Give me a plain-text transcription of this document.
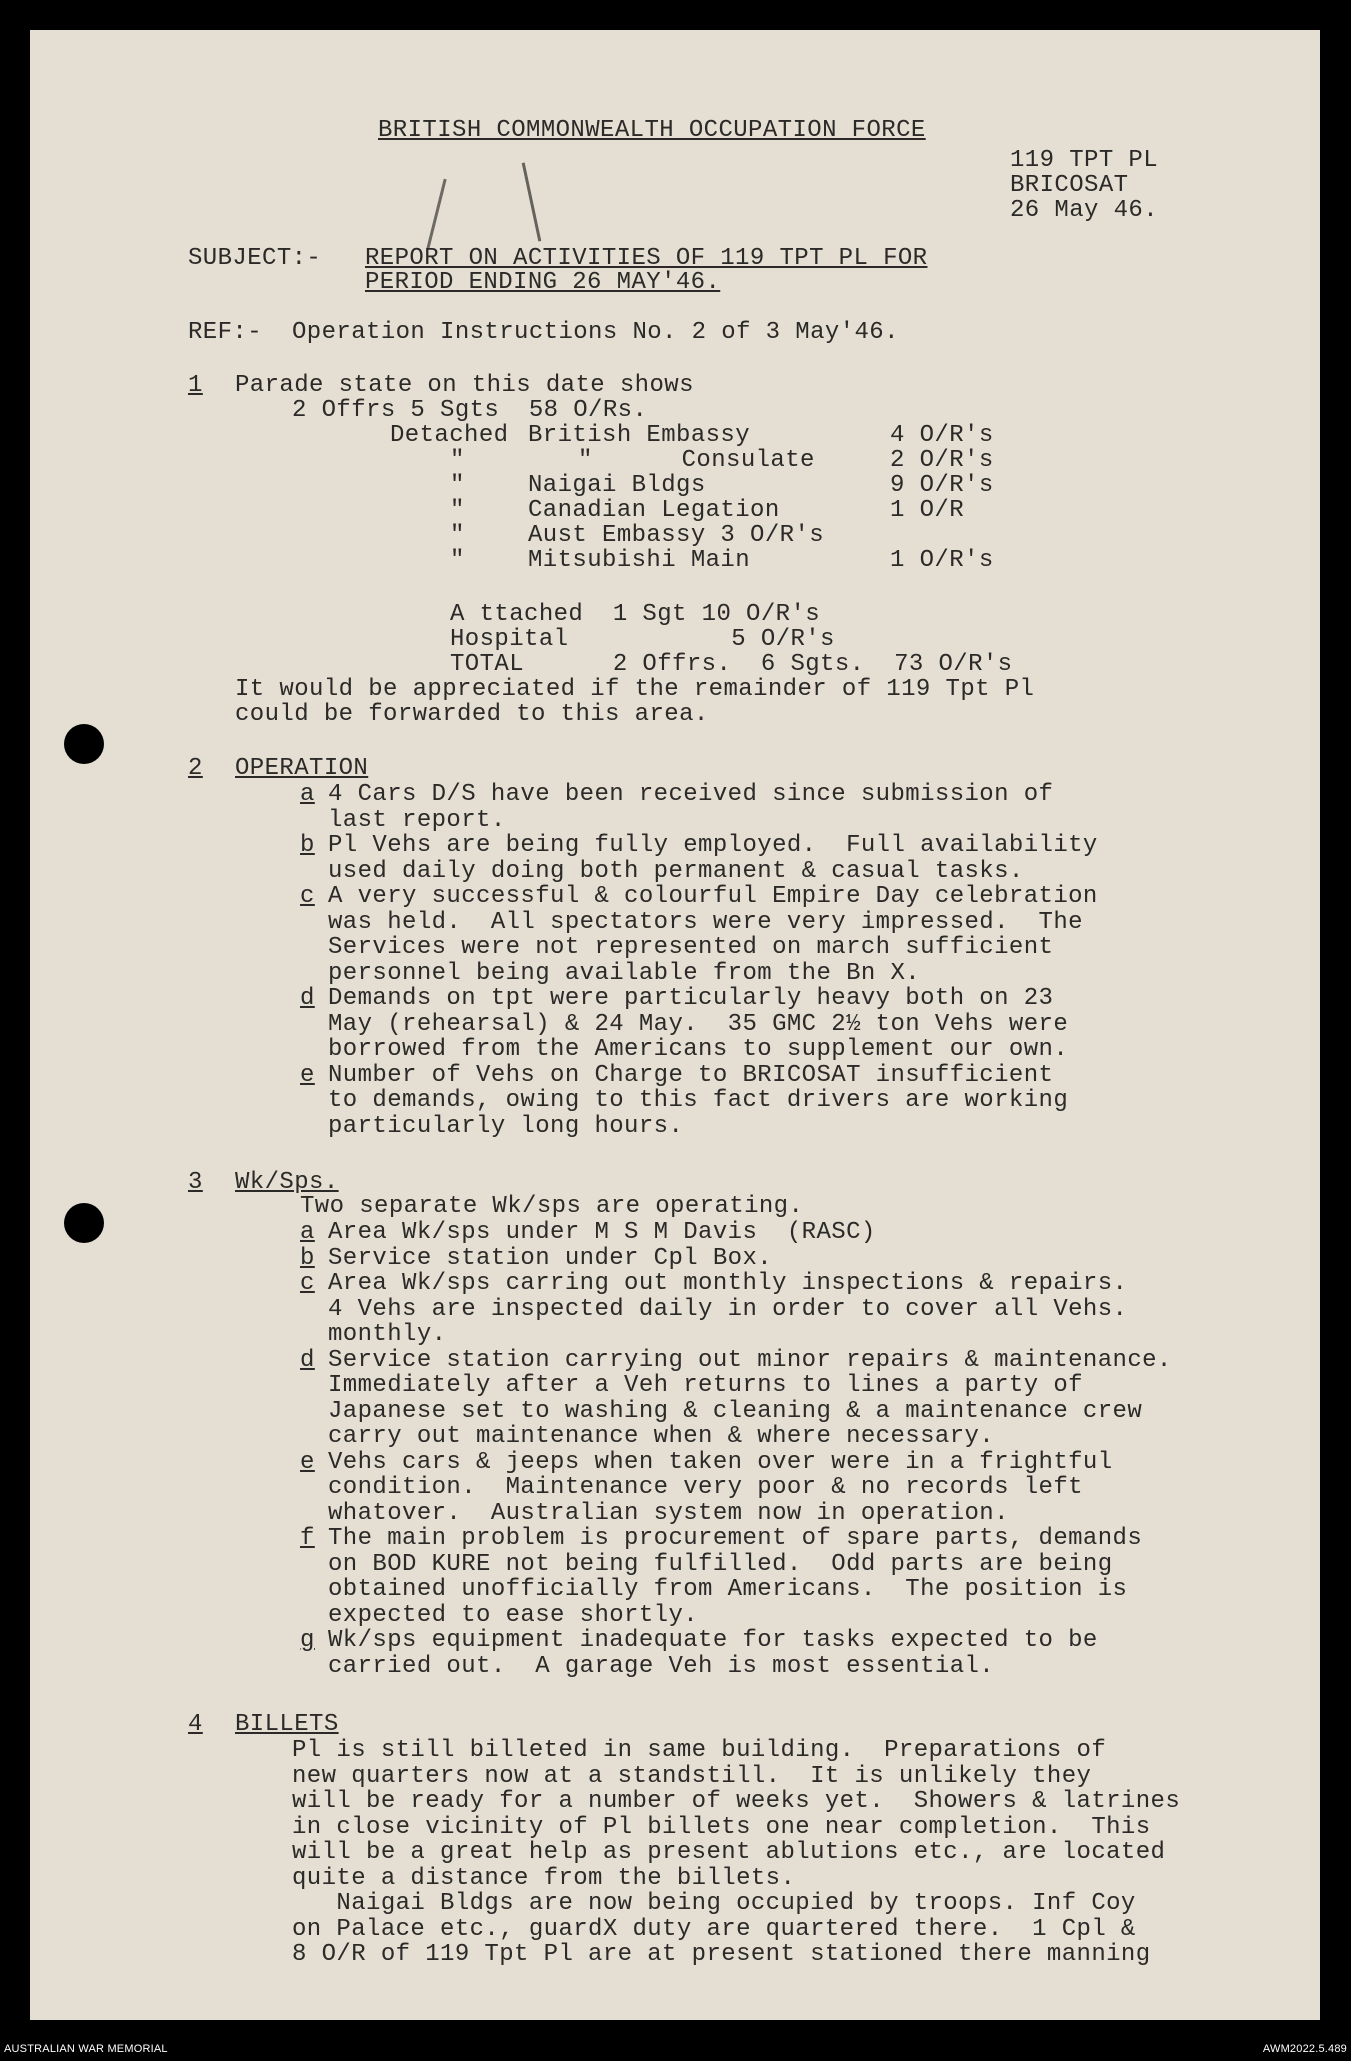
BRITISH COMMONWEALTH OCCUPATION FORCE
119 TPT PL
BRICOSAT
26 May 46.
SUBJECT:- REPORT ON ACTIVITIES OF 119 TPT PL FOR
PERIOD ENDING 26 MAY'46.
REF:- Operation Instructions No. 2 of 3 May'46.
1 Parade state on this date shows
2 Offrs 5 Sgts  58 O/Rs.
Detached British Embassy	4 O/R's
"	"      Consulate	2 O/R's
"	Naigai Bldgs	9 O/R's
"	Canadian Legation	1 O/R
"	Aust Embassy 3 O/R's
"	Mitsubishi Main	1 O/R's
A ttached  1 Sgt 10 O/R's
Hospital           5 O/R's
TOTAL      2 Offrs.  6 Sgts.  73 O/R's
It would be appreciated if the remainder of 119 Tpt Pl
could be forwarded to this area.
2 OPERATION
3 Wk/Sps.
Two separate Wk/sps are operating.
4 BILLETS
a 4 Cars D/S have been received since submission of
last report.
b Pl Vehs are being fully employed.  Full availability
used daily doing both permanent & casual tasks.
c A very successful & colourful Empire Day celebration
was held.  All spectators were very impressed.  The
Services were not represented on march sufficient
personnel being available from the Bn X.
d Demands on tpt were particularly heavy both on 23
May (rehearsal) & 24 May.  35 GMC 2½ ton Vehs were
borrowed from the Americans to supplement our own.
e Number of Vehs on Charge to BRICOSAT insufficient
to demands, owing to this fact drivers are working
particularly long hours.
a Area Wk/sps under M S M Davis  (RASC)
b Service station under Cpl Box.
c Area Wk/sps carring out monthly inspections & repairs.
4 Vehs are inspected daily in order to cover all Vehs.
monthly.
d Service station carrying out minor repairs & maintenance.
Immediately after a Veh returns to lines a party of
Japanese set to washing & cleaning & a maintenance crew
carry out maintenance when & where necessary.
e Vehs cars & jeeps when taken over were in a frightful
condition.  Maintenance very poor & no records left
whatover.  Australian system now in operation.
f The main problem is procurement of spare parts, demands
on BOD KURE not being fulfilled.  Odd parts are being
obtained unofficially from Americans.  The position is
expected to ease shortly.
g Wk/sps equipment inadequate for tasks expected to be
carried out.  A garage Veh is most essential.
Pl is still billeted in same building.  Preparations of
new quarters now at a standstill.  It is unlikely they
will be ready for a number of weeks yet.  Showers & latrines
in close vicinity of Pl billets one near completion.  This
will be a great help as present ablutions etc., are located
quite a distance from the billets.
Naigai Bldgs are now being occupied by troops. Inf Coy
on Palace etc., guardX duty are quartered there.  1 Cpl &
8 O/R of 119 Tpt Pl are at present stationed there manning
AUSTRALIAN WAR MEMORIAL	AWM2022.5.489
